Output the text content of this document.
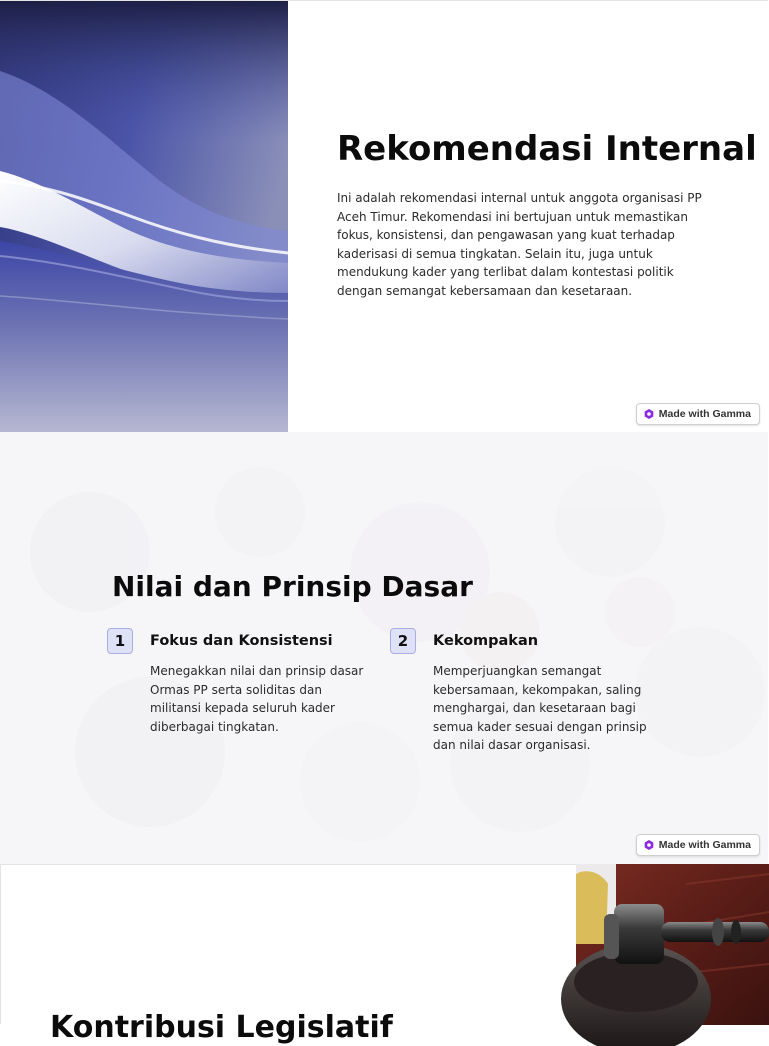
Rekomendasi Internal

Ini adalah rekomendasi internal untuk anggota organisasi PP Aceh Timur. Rekomendasi ini bertujuan untuk memastikan fokus, konsistensi, dan pengawasan yang kuat terhadap kaderisasi di semua tingkatan. Selain itu, juga untuk mendukung kader yang terlibat dalam kontestasi politik dengan semangat kebersamaan dan kesetaraan.

Made with Gamma
Nilai dan Prinsip Dasar
1	Fokus dan Konsistensi

Menegakkan nilai dan prinsip dasar Ormas PP serta soliditas dan militansi kepada seluruh kader diberbagai tingkatan.

2	Kekompakan

Memperjuangkan semangat kebersamaan, kekompakan, saling menghargai, dan kesetaraan bagi semua kader sesuai dengan prinsip dan nilai dasar organisasi.

Made with Gamma
Kontribusi Legislatif
